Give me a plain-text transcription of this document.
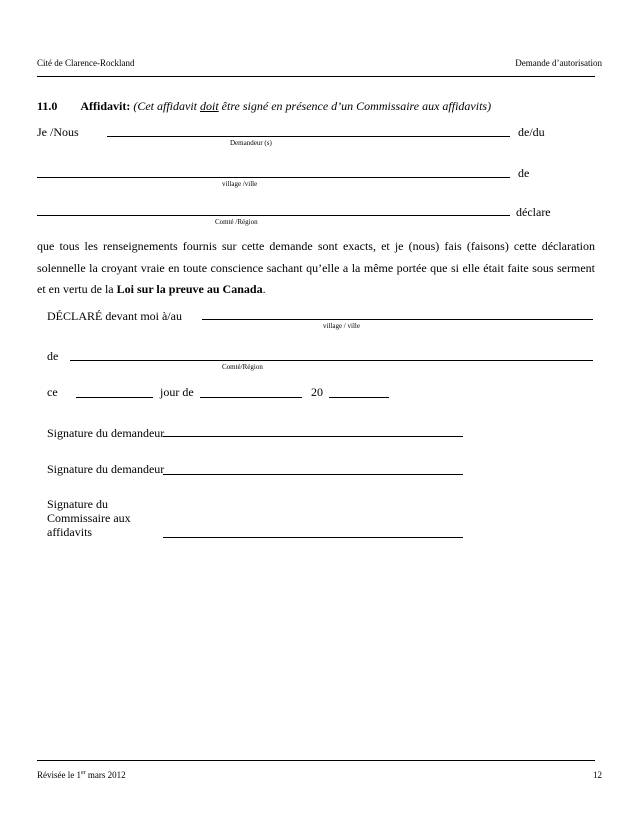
Cité de Clarence-Rockland	Demande d’autorisation
11.0 Affidavit: (Cet affidavit doit être signé en présence d’un Commissaire aux affidavits)
Je /Nous	de/du
Demandeur (s)
de
village /ville
déclare
Comté /Région
que tous les renseignements fournis sur cette demande sont exacts, et je (nous) fais (faisons) cette déclaration solennelle la croyant vraie en toute conscience sachant qu’elle a la même portée que si elle était faite sous serment et en vertu de la Loi sur la preuve au Canada.
DÉCLARÉ devant moi à/au
village / ville
de
Comté/Région
ce	jour de	20
Signature du demandeur
Signature du demandeur
Signature du
Commissaire aux
affidavits
Révisée le 1er mars 2012	12
